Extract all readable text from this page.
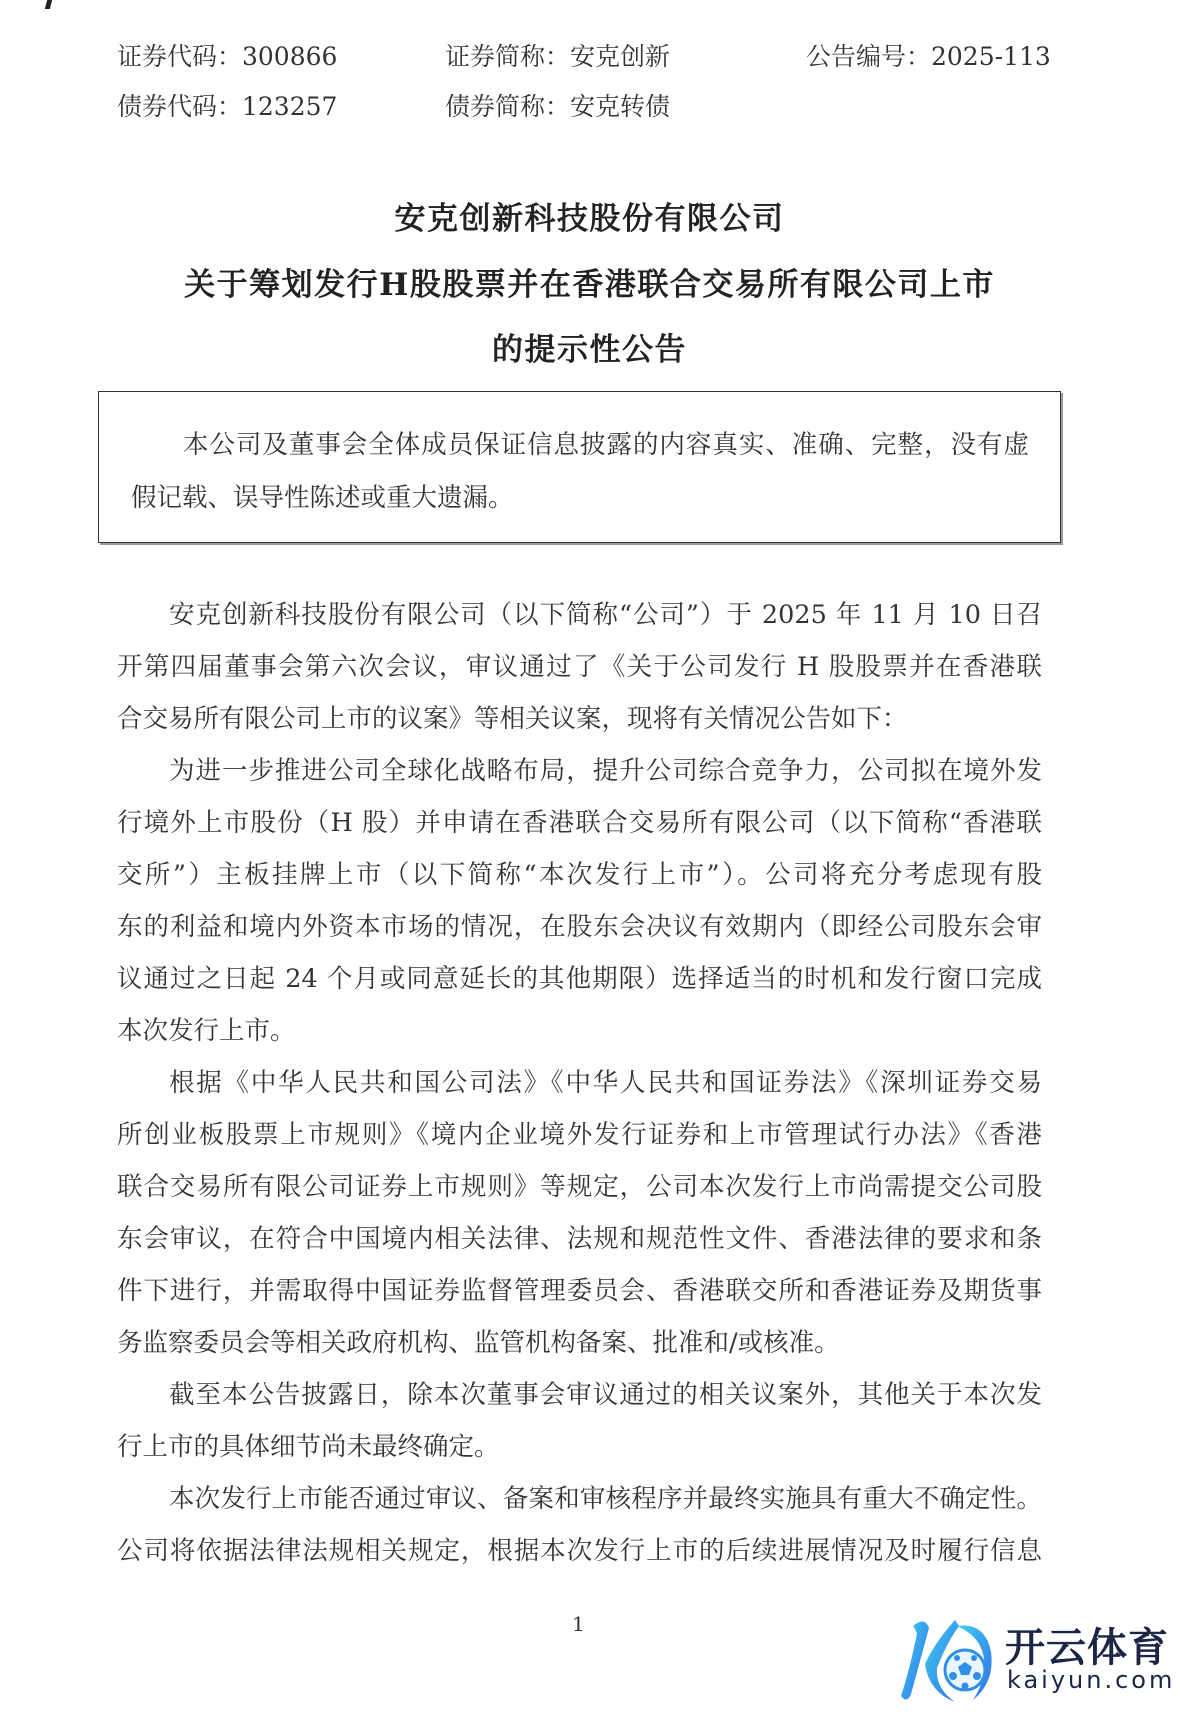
证券代码：300866	证券简称：安克创新	公告编号：2025-113
债券代码：123257	债券简称：安克转债
安克创新科技股份有限公司
关于筹划发行H股股票并在香港联合交易所有限公司上市
的提示性公告
本公司及董事会全体成员保证信息披露的内容真实、准确、完整，没有虚
假记载、误导性陈述或重大遗漏。
安克创新科技股份有限公司（以下简称“公司”）于 2025 年 11 月 10 日召
开第四届董事会第六次会议，审议通过了《关于公司发行 H 股股票并在香港联
合交易所有限公司上市的议案》等相关议案，现将有关情况公告如下：
为进一步推进公司全球化战略布局，提升公司综合竞争力，公司拟在境外发
行境外上市股份（H 股）并申请在香港联合交易所有限公司（以下简称“香港联
交所”）主板挂牌上市（以下简称“本次发行上市”）。公司将充分考虑现有股
东的利益和境内外资本市场的情况，在股东会决议有效期内（即经公司股东会审
议通过之日起 24 个月或同意延长的其他期限）选择适当的时机和发行窗口完成
本次发行上市。
根据《中华人民共和国公司法》《中华人民共和国证券法》《深圳证券交易
所创业板股票上市规则》《境内企业境外发行证券和上市管理试行办法》《香港
联合交易所有限公司证券上市规则》等规定，公司本次发行上市尚需提交公司股
东会审议，在符合中国境内相关法律、法规和规范性文件、香港法律的要求和条
件下进行，并需取得中国证券监督管理委员会、香港联交所和香港证券及期货事
务监察委员会等相关政府机构、监管机构备案、批准和/或核准。
截至本公告披露日，除本次董事会审议通过的相关议案外，其他关于本次发
行上市的具体细节尚未最终确定。
本次发行上市能否通过审议、备案和审核程序并最终实施具有重大不确定性。
公司将依据法律法规相关规定，根据本次发行上市的后续进展情况及时履行信息
1
开云体育
kaiyun.com
